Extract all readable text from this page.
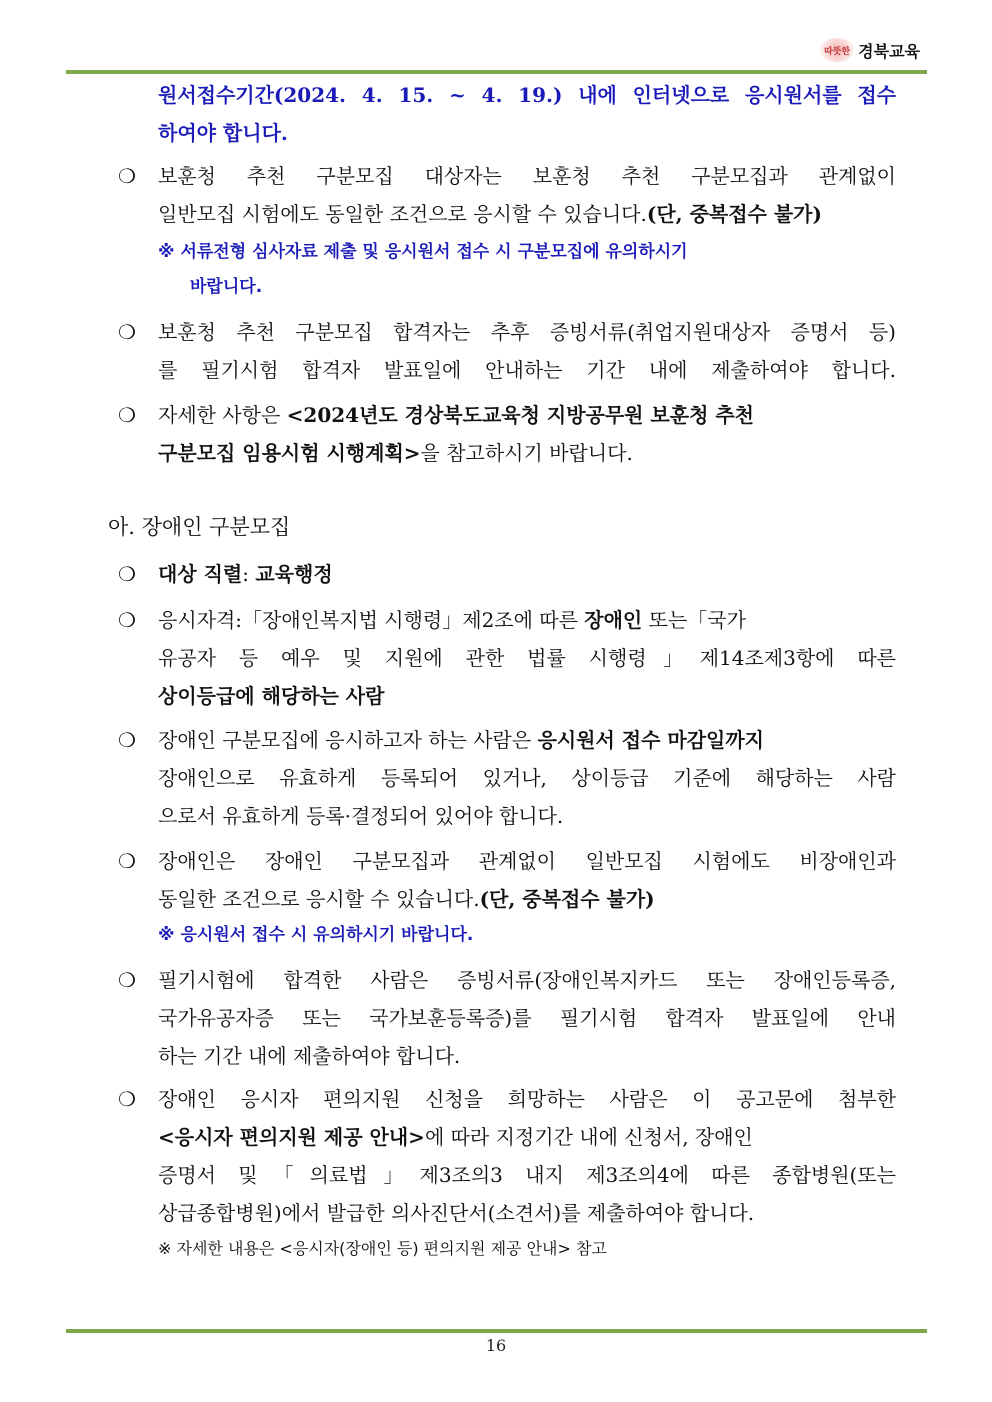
따뜻한 경북교육
원서접수기간(2024. 4. 15. ~ 4. 19.) 내에 인터넷으로 응시원서를 접수
하여야 합니다.
❍ 보훈청 추천 구분모집 대상자는 보훈청 추천 구분모집과 관계없이
일반모집 시험에도 동일한 조건으로 응시할 수 있습니다.(단, 중복접수 불가)
※ 서류전형 심사자료 제출 및 응시원서 접수 시 구분모집에 유의하시기
바랍니다.
❍ 보훈청 추천 구분모집 합격자는 추후 증빙서류(취업지원대상자 증명서 등)
를 필기시험 합격자 발표일에 안내하는 기간 내에 제출하여야 합니다.
❍ 자세한 사항은 <2024년도 경상북도교육청 지방공무원 보훈청 추천
구분모집 임용시험 시행계획>을 참고하시기 바랍니다.
아. 장애인 구분모집
❍ 대상 직렬: 교육행정
❍ 응시자격:「장애인복지법 시행령」제2조에 따른 장애인 또는「국가
유공자 등 예우 및 지원에 관한 법률 시행령」제14조제3항에 따른
상이등급에 해당하는 사람
❍ 장애인 구분모집에 응시하고자 하는 사람은 응시원서 접수 마감일까지
장애인으로 유효하게 등록되어 있거나, 상이등급 기준에 해당하는 사람
으로서 유효하게 등록·결정되어 있어야 합니다.
❍ 장애인은 장애인 구분모집과 관계없이 일반모집 시험에도 비장애인과
동일한 조건으로 응시할 수 있습니다.(단, 중복접수 불가)
※ 응시원서 접수 시 유의하시기 바랍니다.
❍ 필기시험에 합격한 사람은 증빙서류(장애인복지카드 또는 장애인등록증,
국가유공자증 또는 국가보훈등록증)를 필기시험 합격자 발표일에 안내
하는 기간 내에 제출하여야 합니다.
❍ 장애인 응시자 편의지원 신청을 희망하는 사람은 이 공고문에 첨부한
<응시자 편의지원 제공 안내>에 따라 지정기간 내에 신청서, 장애인
증명서 및「의료법」제3조의3 내지 제3조의4에 따른 종합병원(또는
상급종합병원)에서 발급한 의사진단서(소견서)를 제출하여야 합니다.
※ 자세한 내용은 <응시자(장애인 등) 편의지원 제공 안내> 참고
16
